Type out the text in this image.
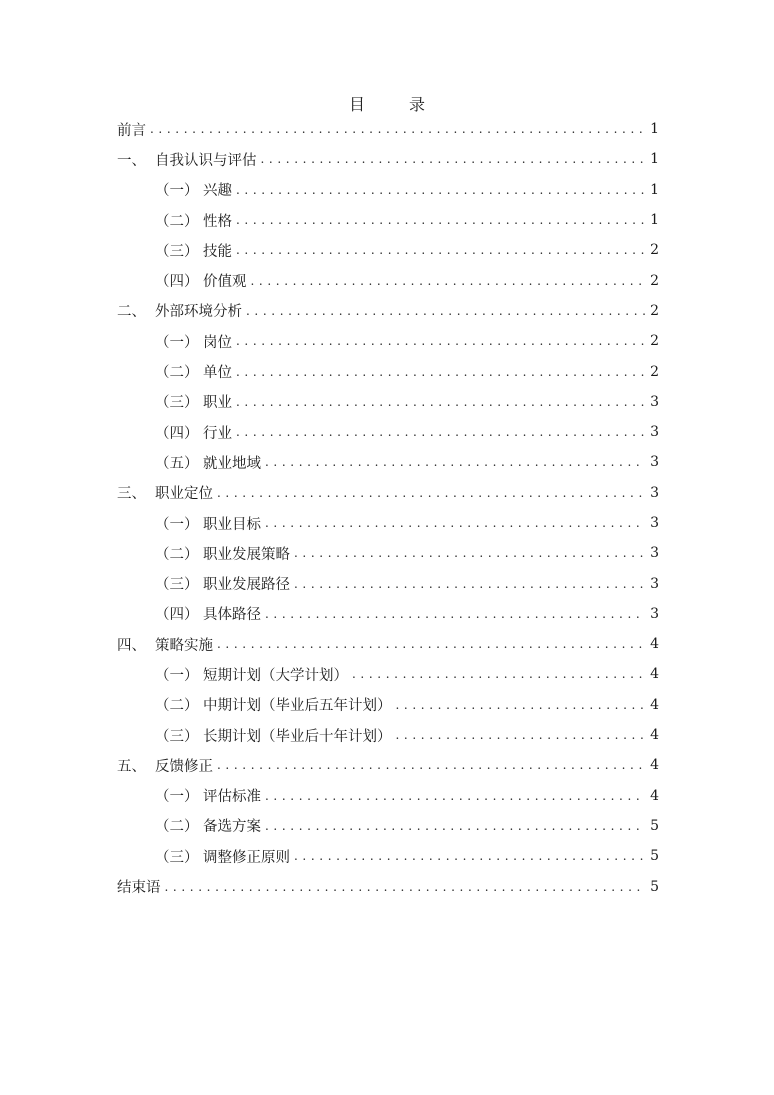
目　录
前言 . . .	1
一、 自我认识与评估 . . .	1
（一） 兴趣 . . .	1
（二） 性格 . . .	1
（三） 技能 . . .	2
（四） 价值观 . . .	2
二、 外部环境分析 . . .	2
（一） 岗位 . . .	2
（二） 单位 . . .	2
（三） 职业 . . .	3
（四） 行业 . . .	3
（五） 就业地域 . . .	3
三、 职业定位 . . .	3
（一） 职业目标 . . .	3
（二） 职业发展策略 . . .	3
（三） 职业发展路径 . . .	3
（四） 具体路径 . . .	3
四、 策略实施 . . .	4
（一） 短期计划（大学计划） . . .	4
（二） 中期计划（毕业后五年计划） . . .	4
（三） 长期计划（毕业后十年计划） . . .	4
五、 反馈修正 . . .	4
（一） 评估标准 . . .	4
（二） 备选方案 . . .	5
（三） 调整修正原则 . . .	5
结束语 . . .	5
